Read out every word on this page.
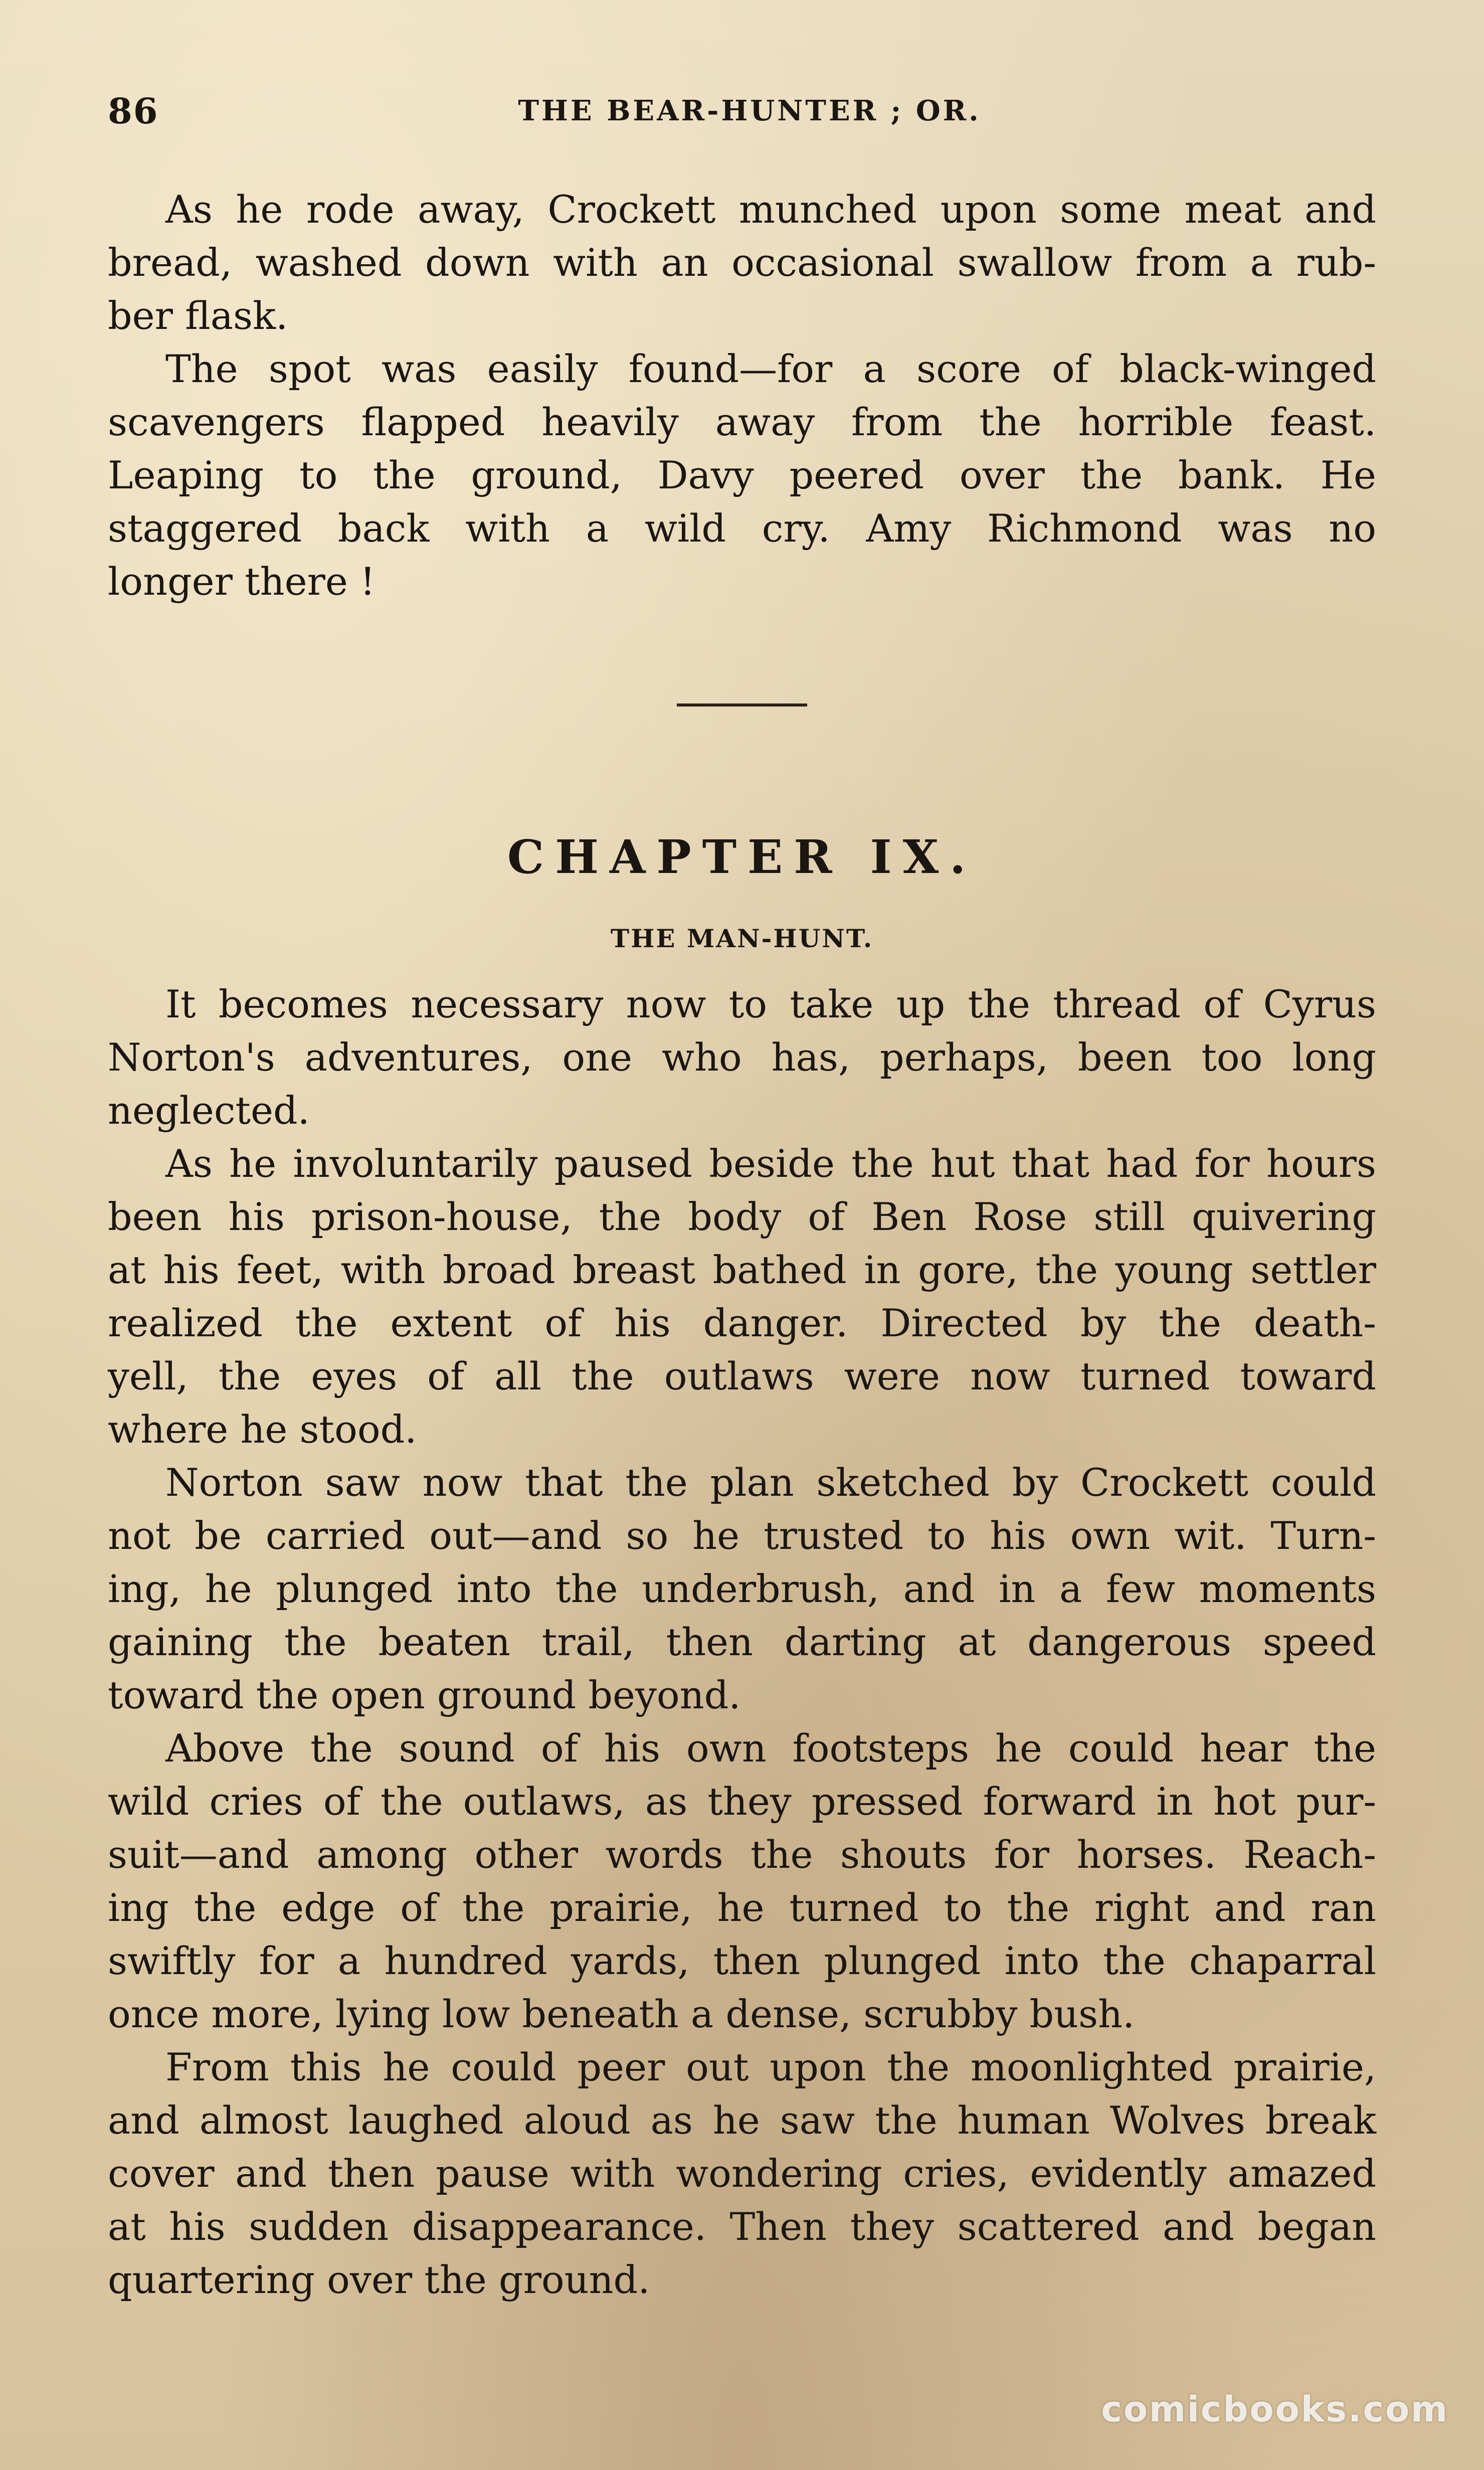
86	THE BEAR-HUNTER ; OR.
As he rode away, Crockett munched upon some meat and
bread, washed down with an occasional swallow from a rub-
ber flask.
The spot was easily found—for a score of black-winged
scavengers flapped heavily away from the horrible feast.
Leaping to the ground, Davy peered over the bank. He
staggered back with a wild cry. Amy Richmond was no
longer there !
CHAPTER IX.
THE MAN-HUNT.
It becomes necessary now to take up the thread of Cyrus
Norton's adventures, one who has, perhaps, been too long
neglected.
As he involuntarily paused beside the hut that had for hours
been his prison-house, the body of Ben Rose still quivering
at his feet, with broad breast bathed in gore, the young settler
realized the extent of his danger. Directed by the death-
yell, the eyes of all the outlaws were now turned toward
where he stood.
Norton saw now that the plan sketched by Crockett could
not be carried out—and so he trusted to his own wit. Turn-
ing, he plunged into the underbrush, and in a few moments
gaining the beaten trail, then darting at dangerous speed
toward the open ground beyond.
Above the sound of his own footsteps he could hear the
wild cries of the outlaws, as they pressed forward in hot pur-
suit—and among other words the shouts for horses. Reach-
ing the edge of the prairie, he turned to the right and ran
swiftly for a hundred yards, then plunged into the chaparral
once more, lying low beneath a dense, scrubby bush.
From this he could peer out upon the moonlighted prairie,
and almost laughed aloud as he saw the human Wolves break
cover and then pause with wondering cries, evidently amazed
at his sudden disappearance. Then they scattered and began
quartering over the ground.
comicbooks.com
